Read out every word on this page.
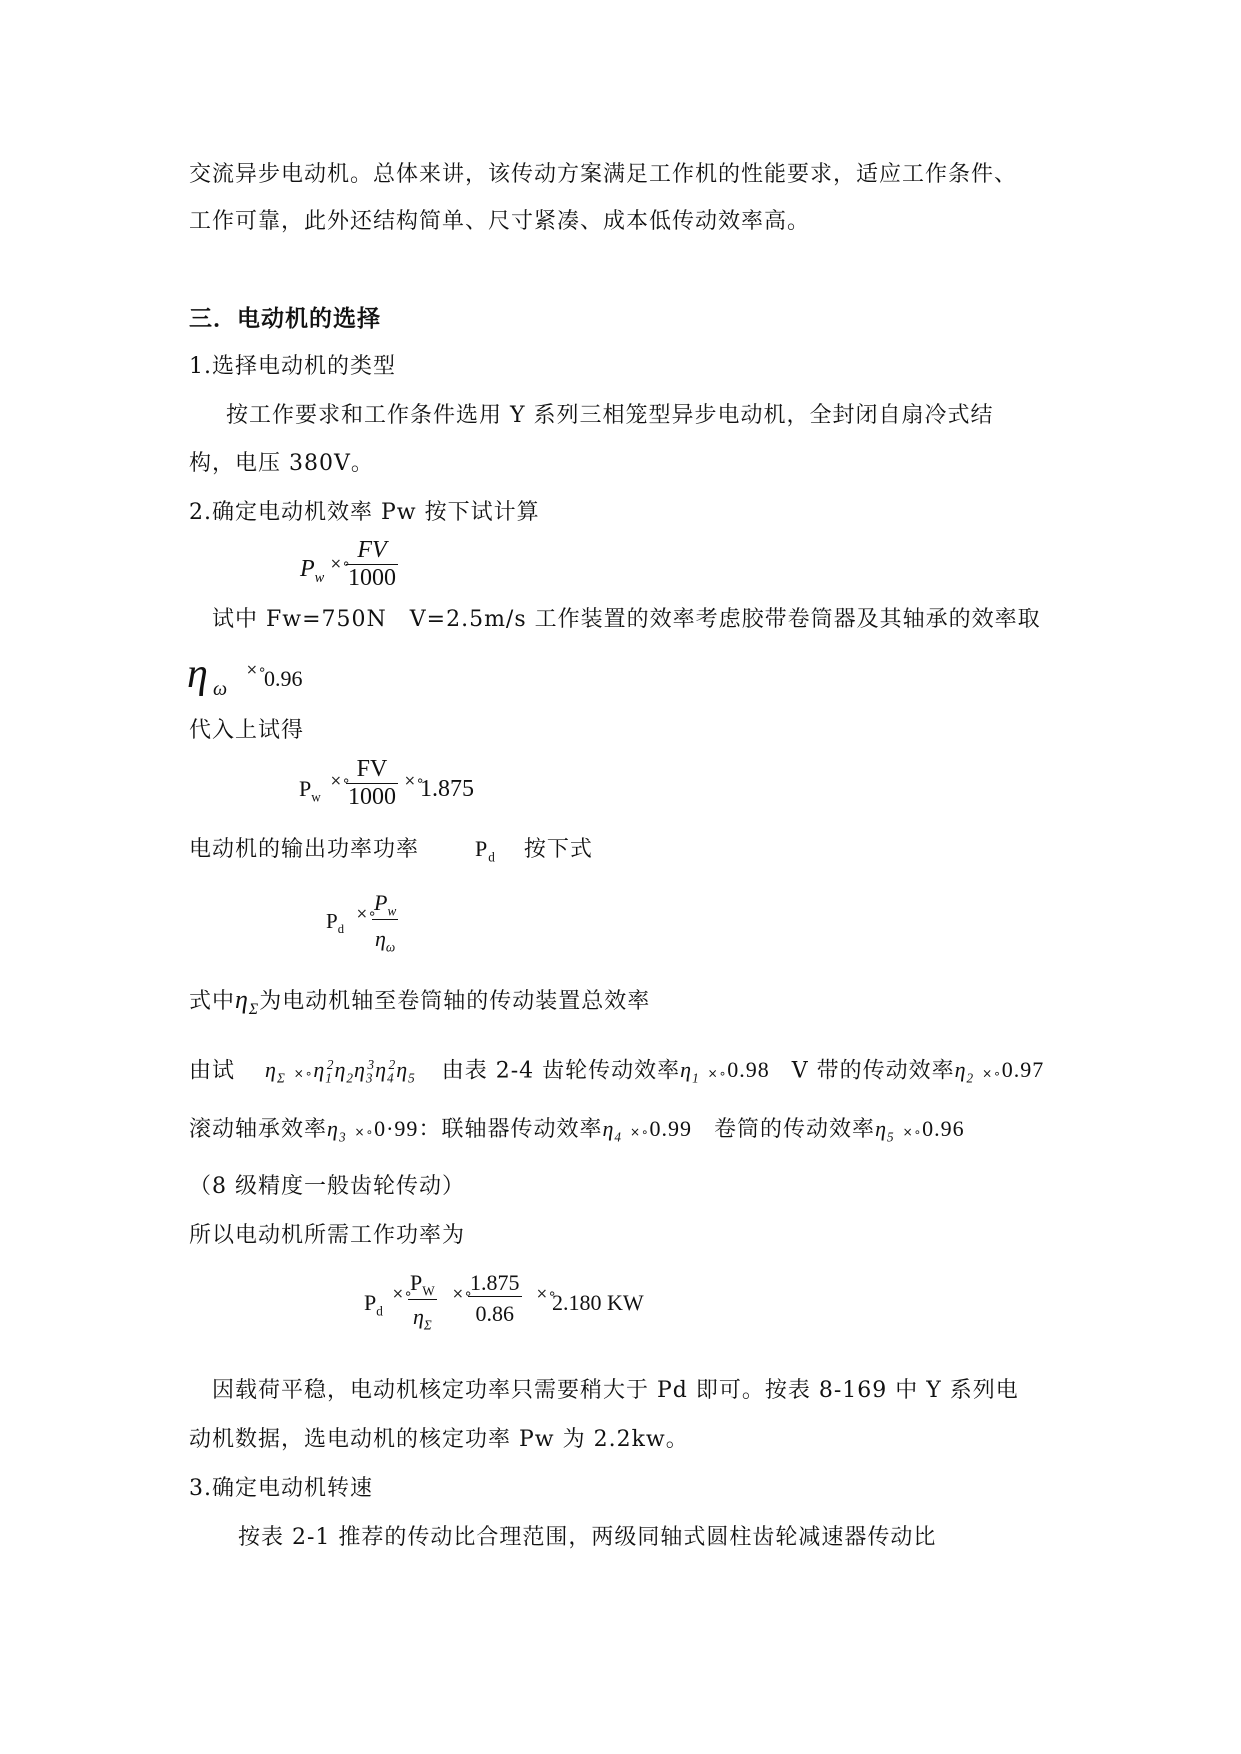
交流异步电动机。总体来讲，该传动方案满足工作机的性能要求，适应工作条件、
工作可靠，此外还结构简单、尺寸紧凑、成本低传动效率高。
三．电动机的选择
1.选择电动机的类型
按工作要求和工作条件选用 Y 系列三相笼型异步电动机，全封闭自扇冷式结
构，电压 380V。
2.确定电动机效率 Pw 按下试计算
$P_w$
×∘
$\frac{FV}{1000}$
试中 Fw=750N　V=2.5m/s 工作装置的效率考虑胶带卷筒器及其轴承的效率取
η ω
×∘
0.96
代入上试得
$P_w$
×∘
$\frac{FV}{1000}$ ×∘
1.875
电动机的输出功率功率	$P_d$ 按下式
$P_d$
×∘
$\frac{P_w}{\eta_\omega}$
式中$\eta_\Sigma$为电动机轴至卷筒轴的传动装置总效率
由试 $\eta_\Sigma$ $\times\circ\eta_1^2\eta_2\eta_3^3\eta_4^2\eta_5$ 由表 2-4 齿轮传动效率$\eta_1$ ×∘0.98 V 带的传动效率$\eta_2$ ×∘0.97
滚动轴承效率$\eta_3$ ×∘0·99：联轴器传动效率$\eta_4$ ×∘0.99 卷筒的传动效率$\eta_5$ ×∘0.96
（8 级精度一般齿轮传动）
所以电动机所需工作功率为
$P_d$
×∘
$\frac{P_W}{\eta_\Sigma}$ ×∘
$\frac{1.875}{0.86}$ ×∘
2.180 KW
因载荷平稳，电动机核定功率只需要稍大于 Pd 即可。按表 8-169 中 Y 系列电
动机数据，选电动机的核定功率 Pw 为 2.2kw。
3.确定电动机转速
按表 2-1 推荐的传动比合理范围，两级同轴式圆柱齿轮减速器传动比
